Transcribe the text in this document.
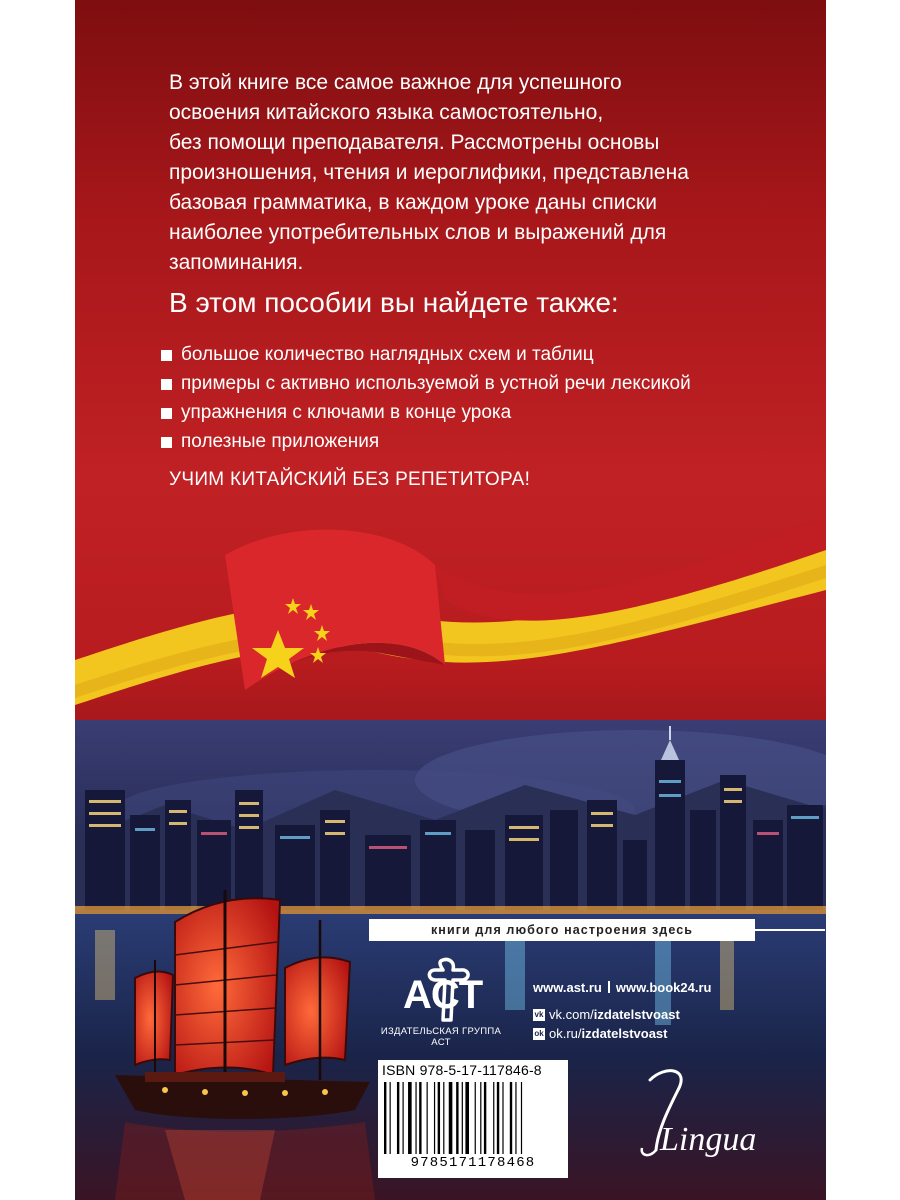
В этой книге все самое важное для успешного
освоения китайского языка самостоятельно,
без помощи преподавателя. Рассмотрены основы
произношения, чтения и иероглифики, представлена
базовая грамматика, в каждом уроке даны списки
наиболее употребительных слов и выражений для
запоминания.

В этом пособии вы найдете также:
большое количество наглядных схем и таблиц
примеры с активно используемой в устной речи лексикой
упражнения с ключами в конце урока
полезные приложения
УЧИМ КИТАЙСКИЙ БЕЗ РЕПЕТИТОРА!
книги для любого настроения здесь
АСТ
ИЗДАТЕЛЬСКАЯ ГРУППА АСТ
www.ast.ru www.book24.ru
vk vk.com/ izdatelstvoast
ok ok.ru/ izdatelstvoast
ISBN 978-5-17-117846-8
9785171178468
Lingua
